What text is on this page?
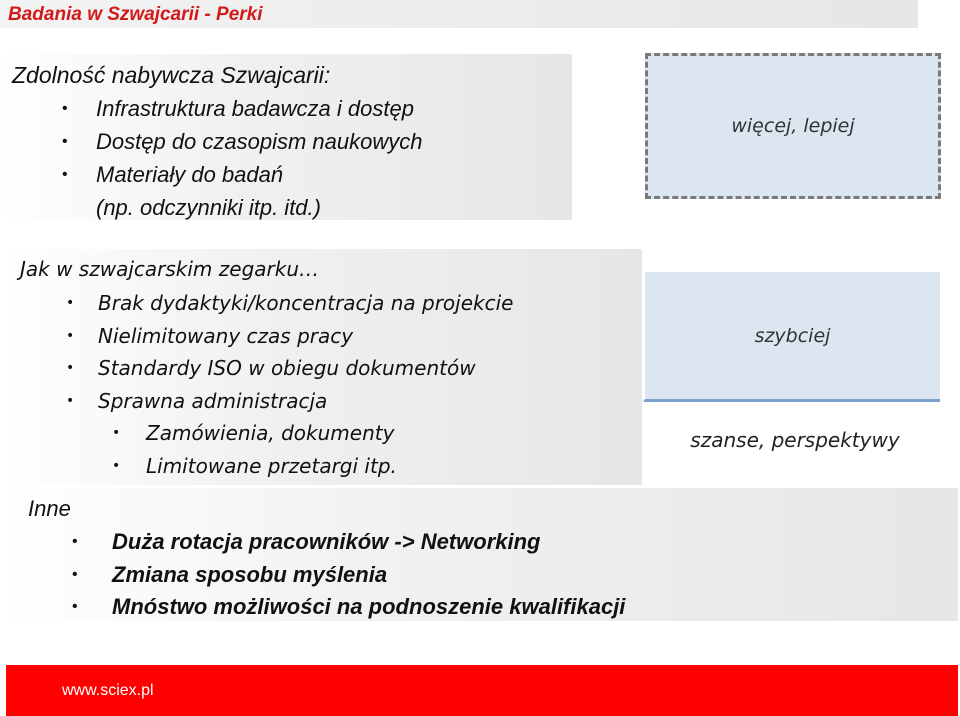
Badania w Szwajcarii - Perki
Zdolność nabywcza Szwajcarii:
• Infrastruktura badawcza i dostęp
• Dostęp do czasopism naukowych
• Materiały do badań
(np. odczynniki itp. itd.)
więcej, lepiej
Jak w szwajcarskim zegarku…
• Brak dydaktyki/koncentracja na projekcie
• Nielimitowany czas pracy
• Standardy ISO w obiegu dokumentów
• Sprawna administracja
• Zamówienia, dokumenty
• Limitowane przetargi itp.
szybciej
szanse, perspektywy
Inne
• Duża rotacja pracowników -> Networking
• Zmiana sposobu myślenia
• Mnóstwo możliwości na podnoszenie kwalifikacji
www.sciex.pl
